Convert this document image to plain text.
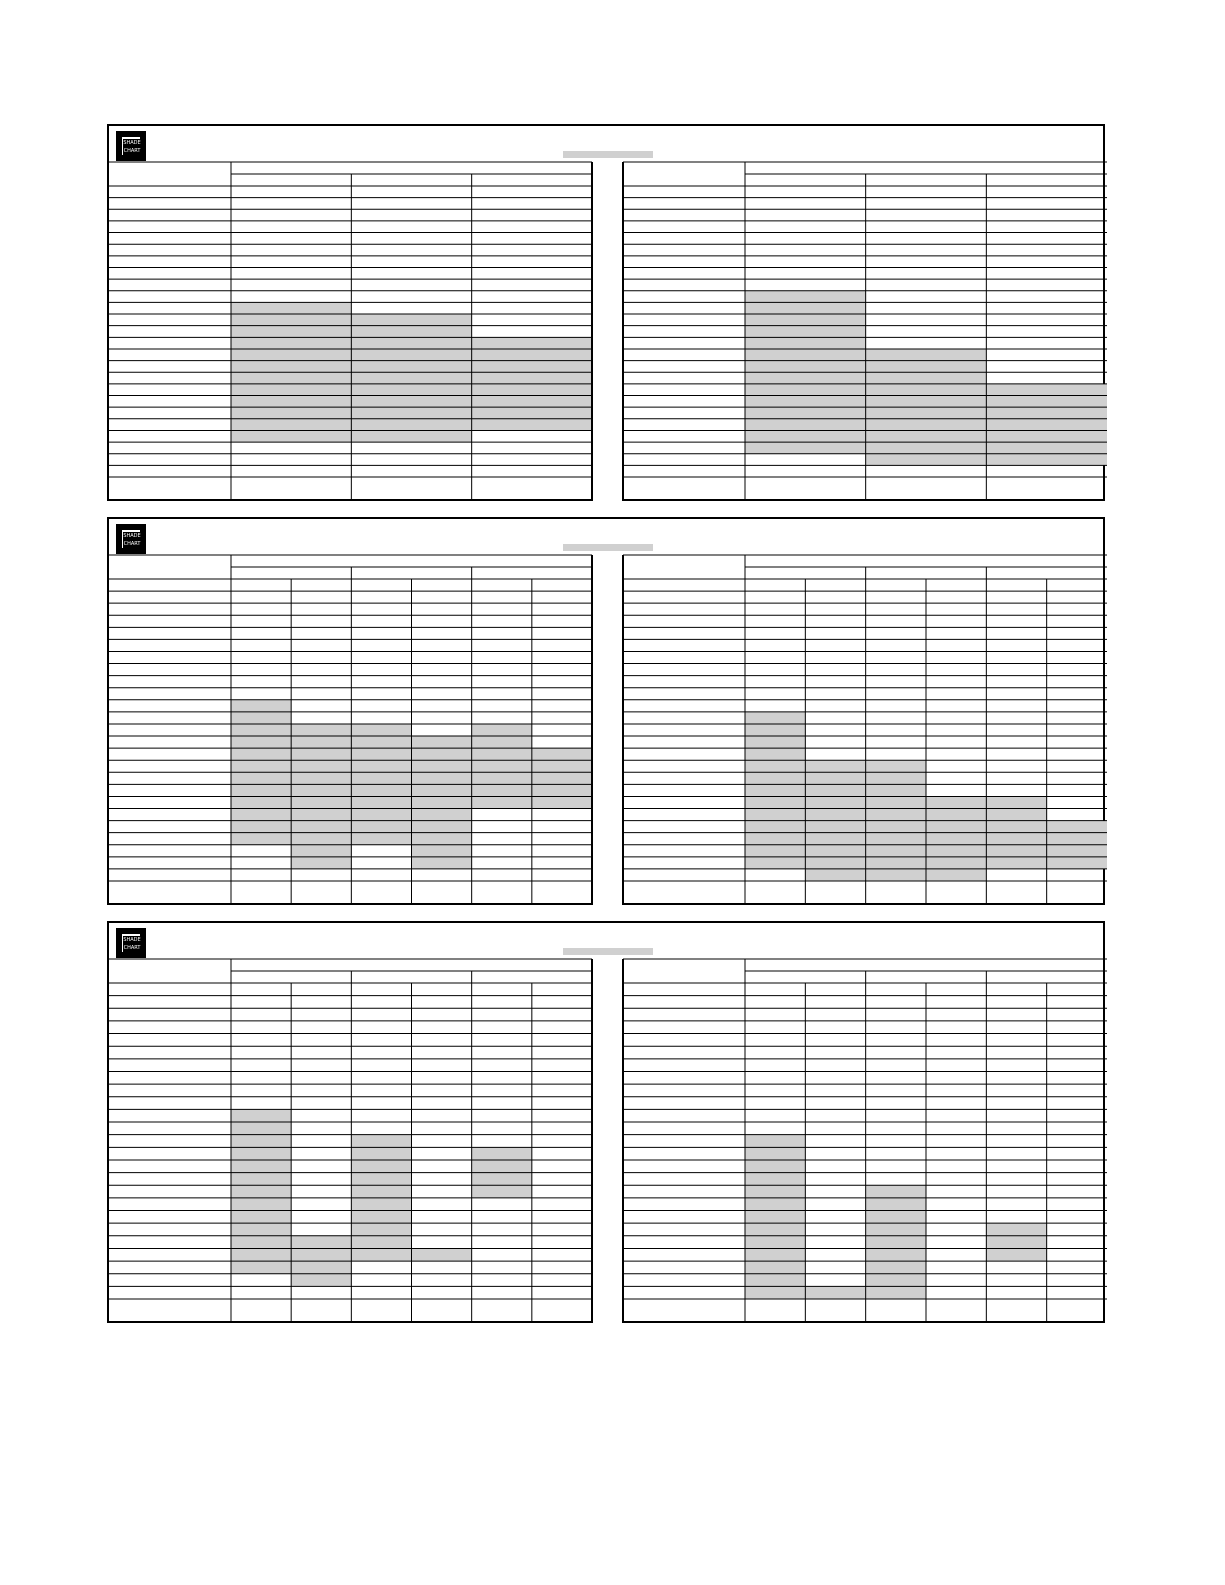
SHADE CHART
SHADE CHART
SHADE CHART
